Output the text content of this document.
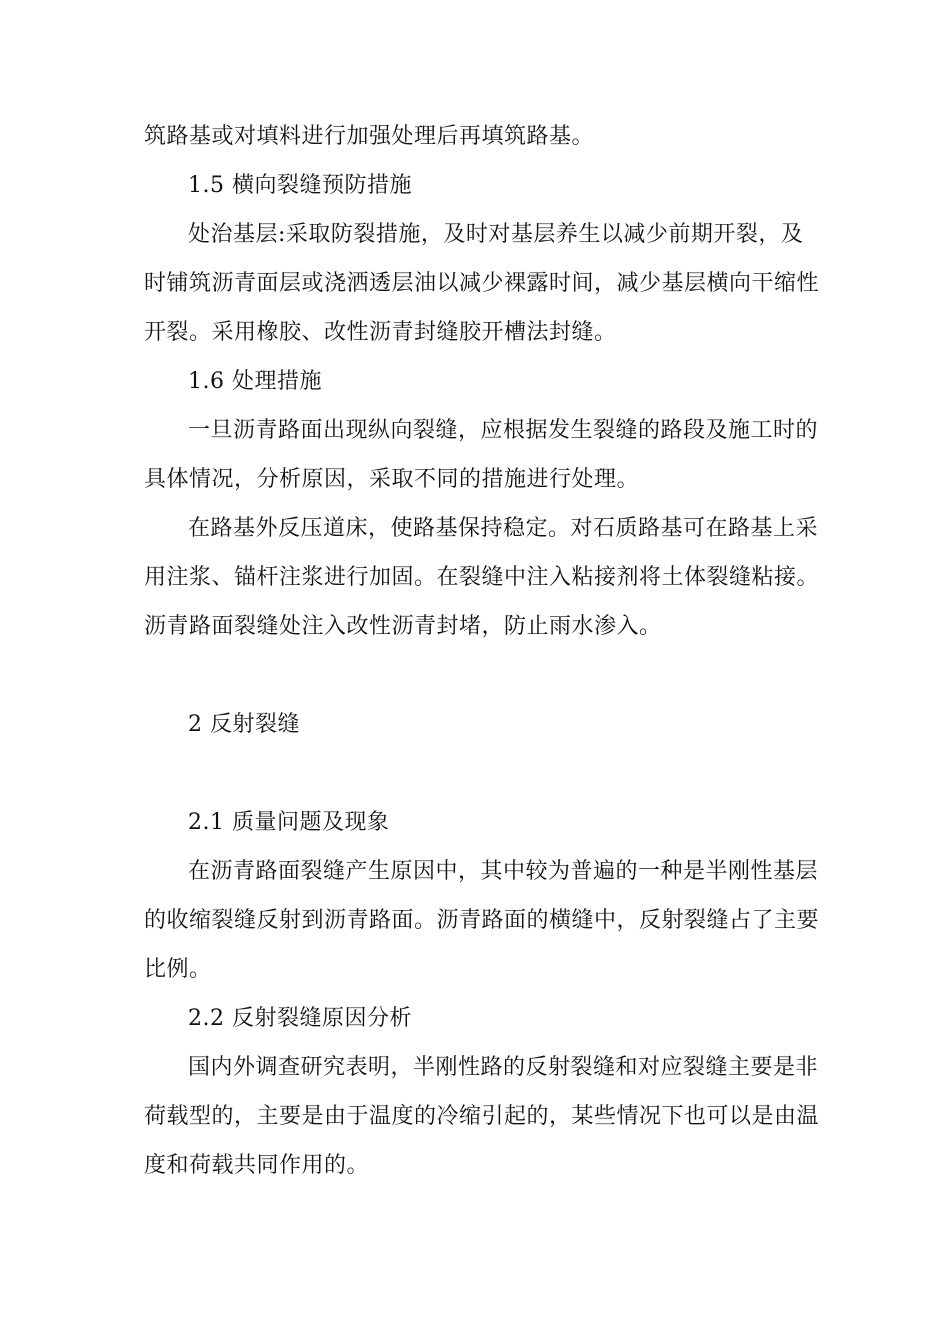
筑路基或对填料进行加强处理后再填筑路基。
1.5 横向裂缝预防措施
处治基层:采取防裂措施，及时对基层养生以减少前期开裂，及
时铺筑沥青面层或浇洒透层油以减少裸露时间，减少基层横向干缩性
开裂。采用橡胶、改性沥青封缝胶开槽法封缝。
1.6 处理措施
一旦沥青路面出现纵向裂缝，应根据发生裂缝的路段及施工时的
具体情况，分析原因，采取不同的措施进行处理。
在路基外反压道床，使路基保持稳定。对石质路基可在路基上采
用注浆、锚杆注浆进行加固。在裂缝中注入粘接剂将土体裂缝粘接。
沥青路面裂缝处注入改性沥青封堵，防止雨水渗入。
2 反射裂缝
2.1 质量问题及现象
在沥青路面裂缝产生原因中，其中较为普遍的一种是半刚性基层
的收缩裂缝反射到沥青路面。沥青路面的横缝中，反射裂缝占了主要
比例。
2.2 反射裂缝原因分析
国内外调查研究表明，半刚性路的反射裂缝和对应裂缝主要是非
荷载型的，主要是由于温度的冷缩引起的，某些情况下也可以是由温
度和荷载共同作用的。
